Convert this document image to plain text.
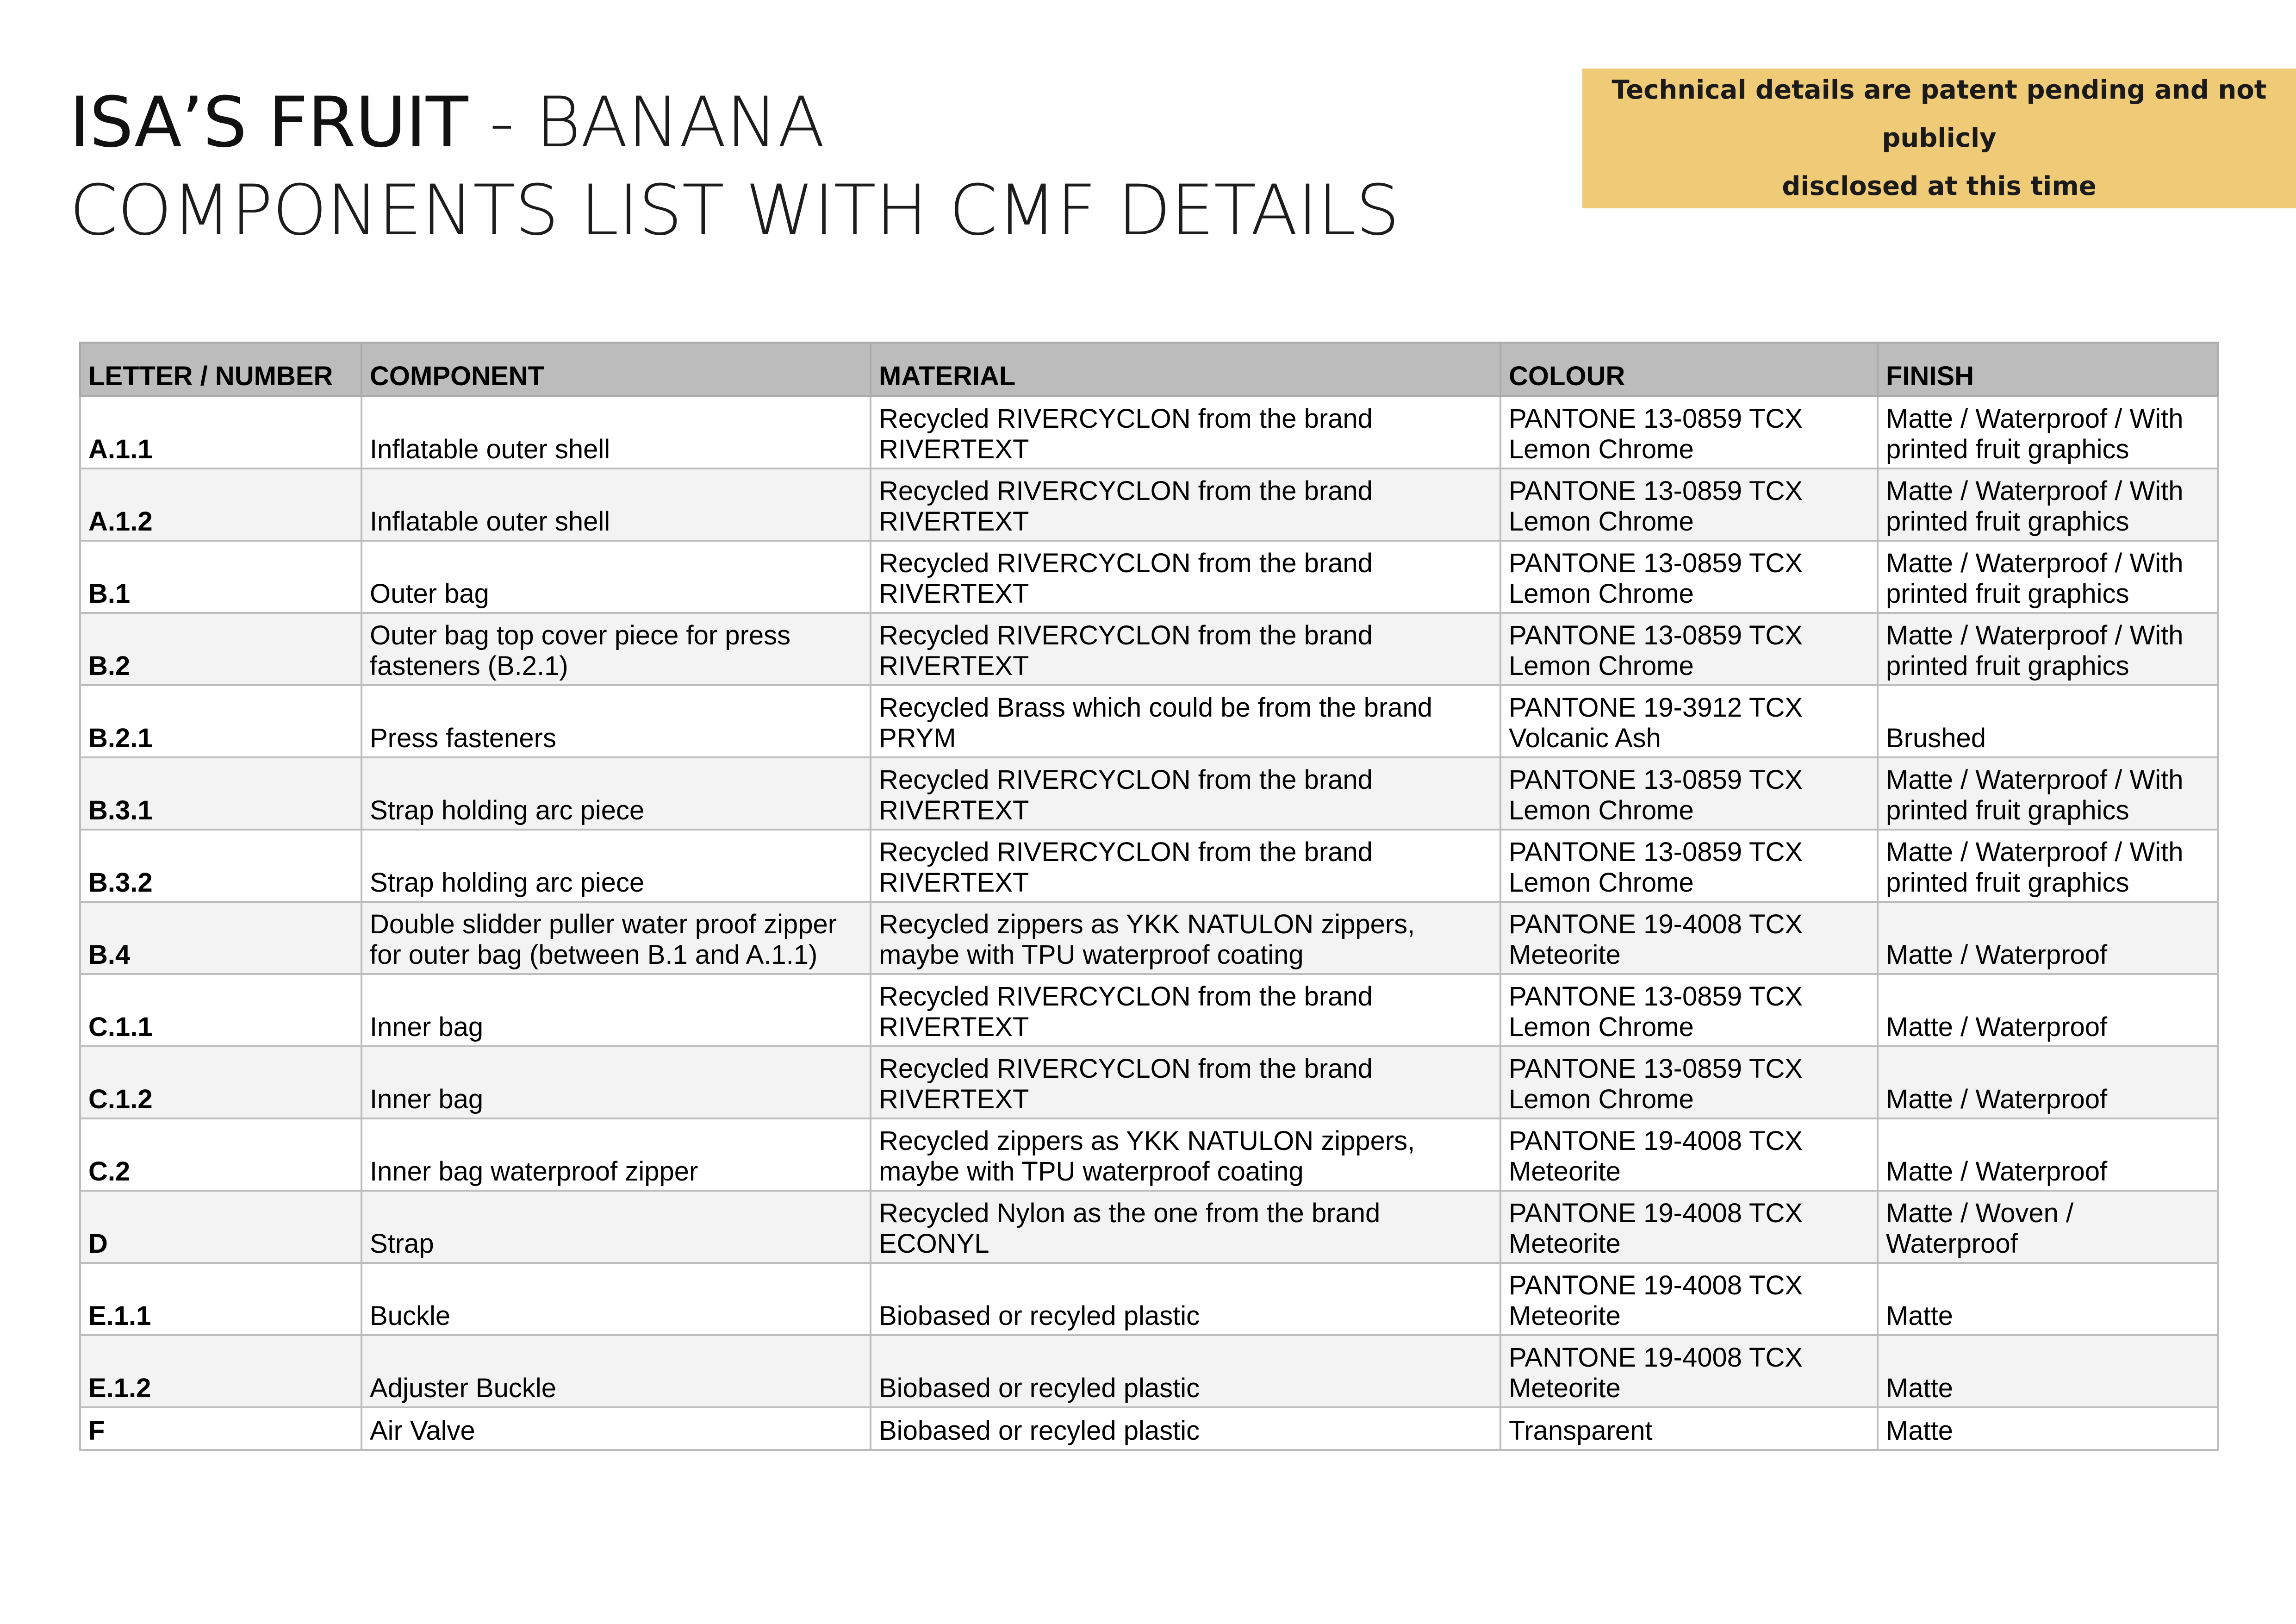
ISA’S FRUIT - BANANA
COMPONENTS LIST WITH CMF DETAILS
Technical details are patent pending and not publicly
disclosed at this time
LETTER / NUMBER	COMPONENT	MATERIAL	COLOUR	FINISH
A.1.1	Inflatable outer shell	Recycled RIVERCYCLON from the brand RIVERTEXT	PANTONE 13-0859 TCX Lemon Chrome	Matte / Waterproof / With printed fruit graphics
A.1.2	Inflatable outer shell	Recycled RIVERCYCLON from the brand RIVERTEXT	PANTONE 13-0859 TCX Lemon Chrome	Matte / Waterproof / With printed fruit graphics
B.1	Outer bag	Recycled RIVERCYCLON from the brand RIVERTEXT	PANTONE 13-0859 TCX Lemon Chrome	Matte / Waterproof / With printed fruit graphics
B.2	Outer bag top cover piece for press fasteners (B.2.1)	Recycled RIVERCYCLON from the brand RIVERTEXT	PANTONE 13-0859 TCX Lemon Chrome	Matte / Waterproof / With printed fruit graphics
B.2.1	Press fasteners	Recycled Brass which could be from the brand PRYM	PANTONE 19-3912 TCX Volcanic Ash	Brushed
B.3.1	Strap holding arc piece	Recycled RIVERCYCLON from the brand RIVERTEXT	PANTONE 13-0859 TCX Lemon Chrome	Matte / Waterproof / With printed fruit graphics
B.3.2	Strap holding arc piece	Recycled RIVERCYCLON from the brand RIVERTEXT	PANTONE 13-0859 TCX Lemon Chrome	Matte / Waterproof / With printed fruit graphics
B.4	Double slidder puller water proof zipper for outer bag (between B.1 and A.1.1)	Recycled zippers as YKK NATULON zippers, maybe with TPU waterproof coating	PANTONE 19-4008 TCX Meteorite	Matte / Waterproof
C.1.1	Inner bag	Recycled RIVERCYCLON from the brand RIVERTEXT	PANTONE 13-0859 TCX Lemon Chrome	Matte / Waterproof
C.1.2	Inner bag	Recycled RIVERCYCLON from the brand RIVERTEXT	PANTONE 13-0859 TCX Lemon Chrome	Matte / Waterproof
C.2	Inner bag waterproof zipper	Recycled zippers as YKK NATULON zippers, maybe with TPU waterproof coating	PANTONE 19-4008 TCX Meteorite	Matte / Waterproof
D	Strap	Recycled Nylon as the one from the brand ECONYL	PANTONE 19-4008 TCX Meteorite	Matte / Woven / Waterproof
E.1.1	Buckle	Biobased or recyled plastic	PANTONE 19-4008 TCX Meteorite	Matte
E.1.2	Adjuster Buckle	Biobased or recyled plastic	PANTONE 19-4008 TCX Meteorite	Matte
F	Air Valve	Biobased or recyled plastic	Transparent	Matte
